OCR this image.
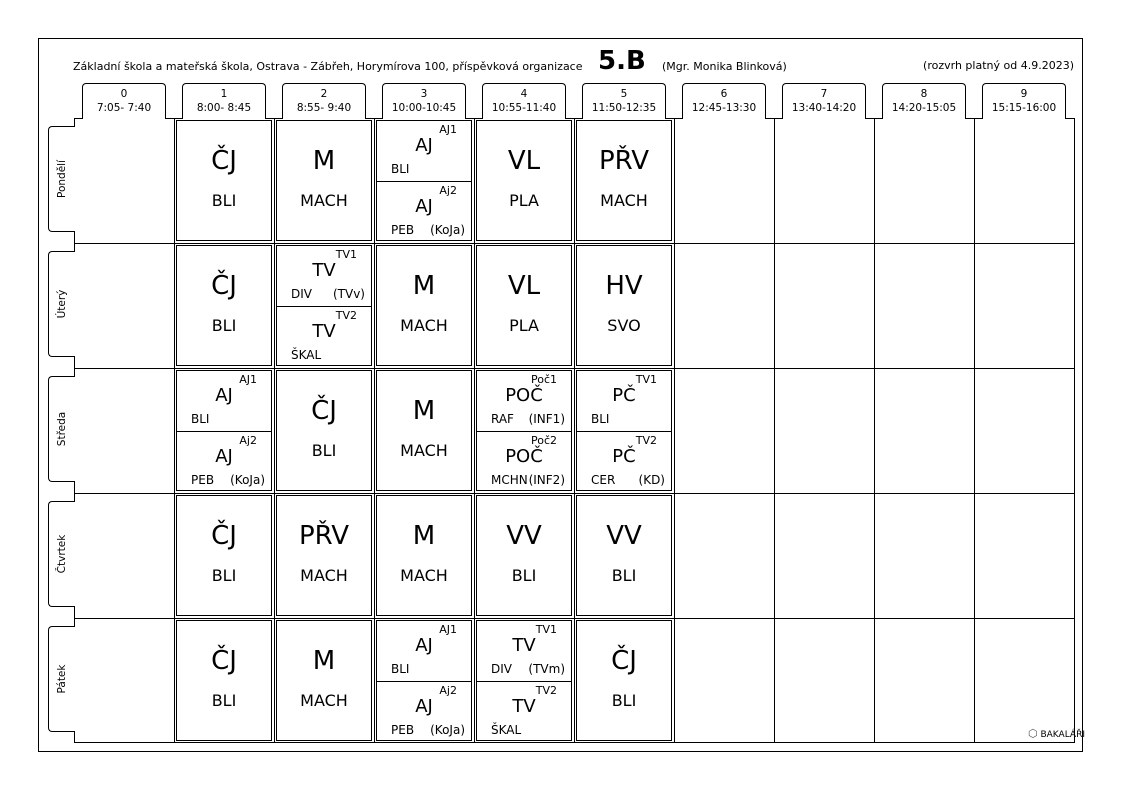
Základní škola a mateřská škola, Ostrava - Zábřeh, Horymírova 100, příspěvková organizace 5.B (Mgr. Monika Blinková)	(rozvrh platný od 4.9.2023)
0
7:05- 7:40
1
8:00- 8:45
2
8:55- 9:40
3
10:00-10:45
4
10:55-11:40
5
11:50-12:35
6
12:45-13:30
7
13:40-14:20
8
14:20-15:05
9
15:15-16:00
Pondělí
Úterý
Středa
Čtvrtek
Pátek
ČJ
BLI
M
MACH
AJ1
AJ
BLI
Aj2
AJ
PEB (KoJa)
VL
PLA
PŘV
MACH
ČJ
BLI
TV1
TV
DIV (TVv)
TV2
TV
ŠKAL
M
MACH
VL
PLA
HV
SVO
AJ1
AJ
BLI
Aj2
AJ
PEB (KoJa)
ČJ
BLI
M
MACH
Poč1
POČ
RAF (INF1)
Poč2
POČ
MCHN (INF2)
TV1
PČ
BLI
TV2
PČ
CER (KD)
ČJ
BLI
PŘV
MACH
M
MACH
VV
BLI
VV
BLI
ČJ
BLI
M
MACH
AJ1
AJ
BLI
Aj2
AJ
PEB (KoJa)
TV1
TV
DIV (TVm)
TV2
TV
ŠKAL
ČJ
BLI
⬡ BAKALÁŘI
